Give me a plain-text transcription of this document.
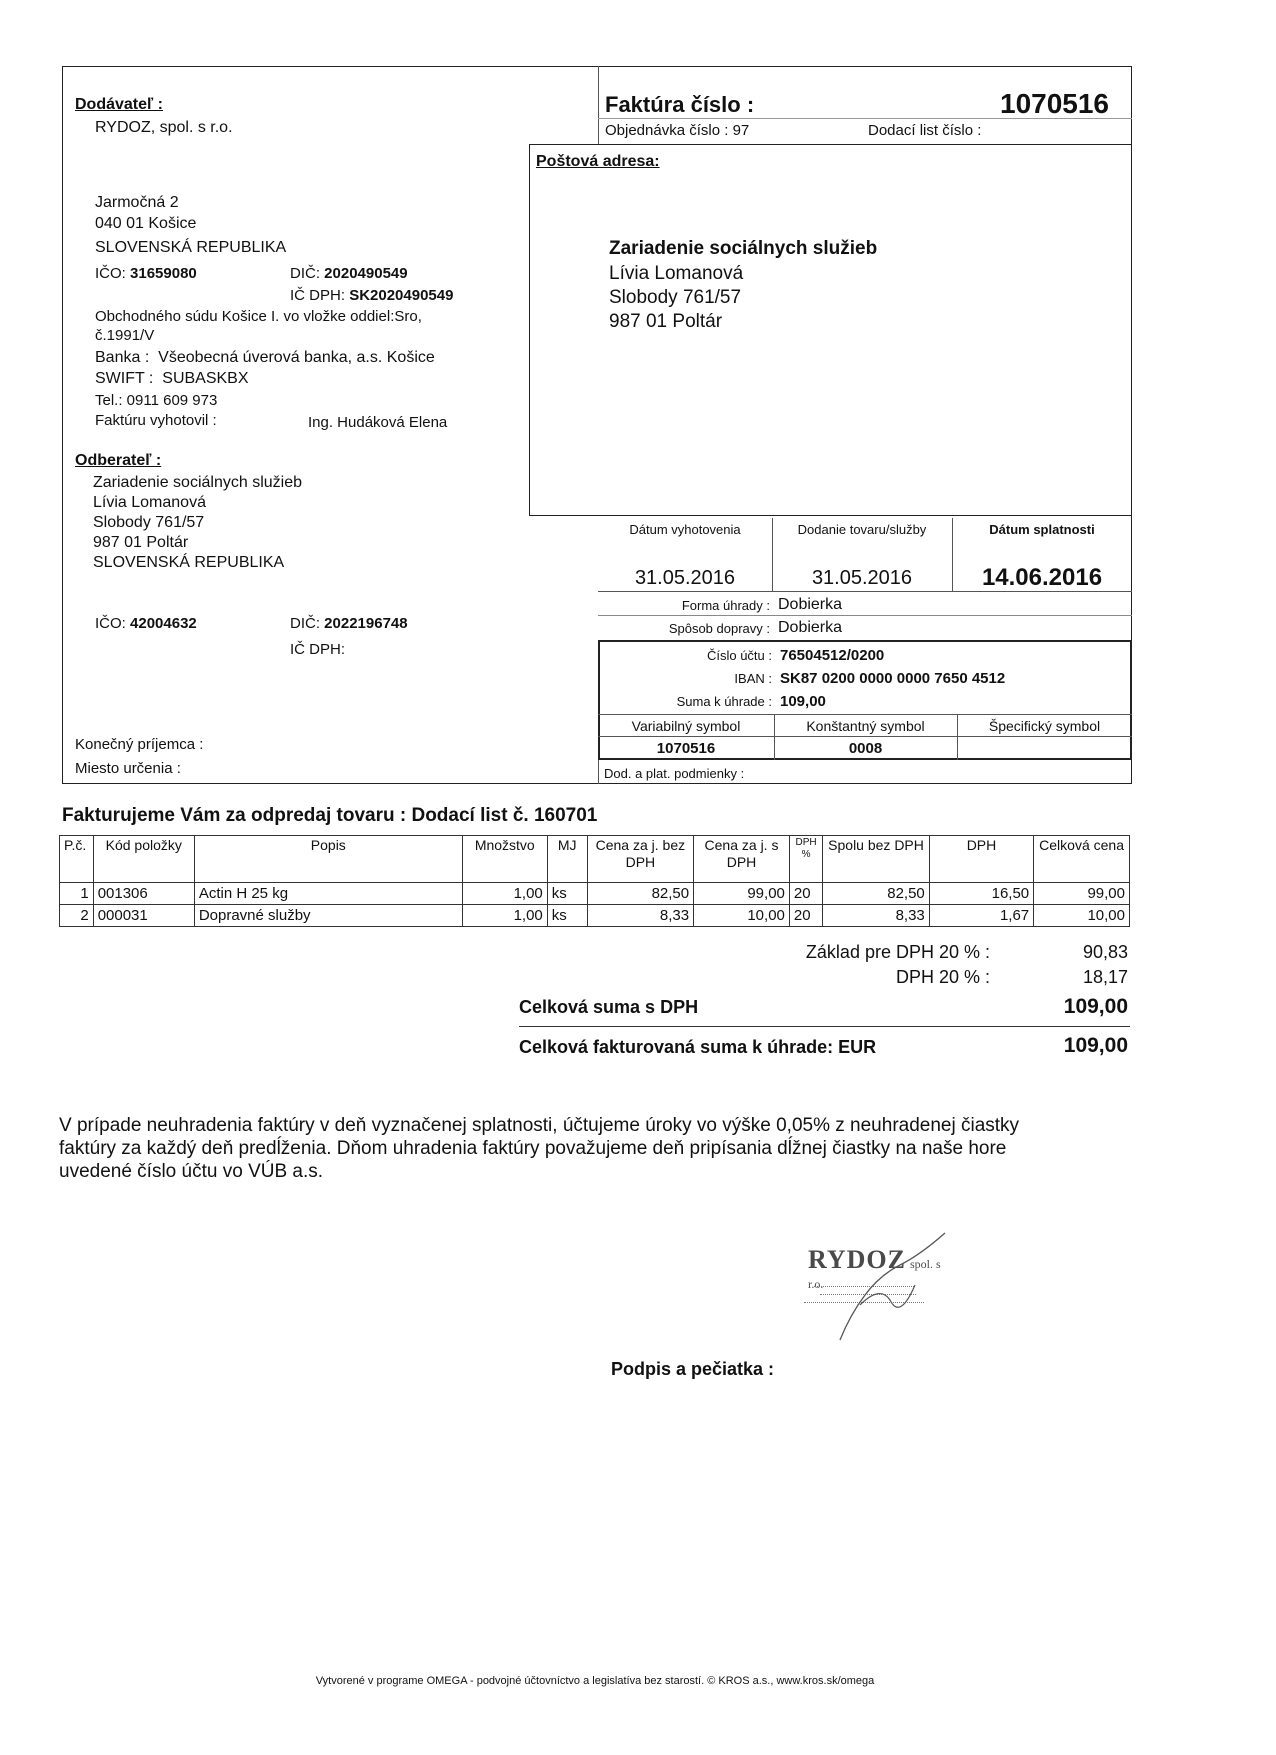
Dodávateľ :
RYDOZ, spol. s r.o.
Jarmočná 2
040 01 Košice
SLOVENSKÁ REPUBLIKA
IČO: 31659080	DIČ: 2020490549
IČ DPH: SK2020490549
Obchodného súdu Košice I. vo vložke oddiel:Sro,
č.1991/V
Banka : Všeobecná úverová banka, a.s. Košice
SWIFT : SUBASKBX
Tel.: 0911 609 973
Faktúru vyhotovil :	Ing. Hudáková Elena
Faktúra číslo :	1070516
Objednávka číslo : 97	Dodací list číslo :
Poštová adresa:
Zariadenie sociálnych služieb
Lívia Lomanová
Slobody 761/57
987 01 Poltár
Odberateľ :
Zariadenie sociálnych služieb
Lívia Lomanová
Slobody 761/57
987 01 Poltár
SLOVENSKÁ REPUBLIKA
IČO: 42004632	DIČ: 2022196748
IČ DPH:
Konečný príjemca :
Miesto určenia :
Dátum vyhotovenia	Dodanie tovaru/služby	Dátum splatnosti
31.05.2016	31.05.2016	14.06.2016
Forma úhrady : Dobierka
Spôsob dopravy : Dobierka
Číslo účtu : 76504512/0200
IBAN : SK87 0200 0000 0000 7650 4512
Suma k úhrade : 109,00
Variabilný symbol	Konštantný symbol	Špecifický symbol
1070516	0008
Dod. a plat. podmienky :
Fakturujeme Vám za odpredaj tovaru : Dodací list č. 160701
P.č.	Kód položky	Popis	Množstvo	MJ	Cena za j. bez DPH	Cena za j. s DPH	DPH %	Spolu bez DPH	DPH	Celková cena
1	001306	Actin H 25 kg	1,00	ks	82,50	99,00	20	82,50	16,50	99,00
2	000031	Dopravné služby	1,00	ks	8,33	10,00	20	8,33	1,67	10,00
Základ pre DPH 20 % :	90,83
DPH 20 % :	18,17
Celková suma s DPH	109,00
Celková fakturovaná suma k úhrade: EUR	109,00
V prípade neuhradenia faktúry v deň vyznačenej splatnosti, účtujeme úroky vo výške 0,05% z neuhradenej čiastky
faktúry za každý deň predĺženia. Dňom uhradenia faktúry považujeme deň pripísania dĺžnej čiastky na naše hore
uvedené číslo účtu vo VÚB a.s.
RYDOZ spol. s r.o.
Podpis a pečiatka :
Vytvorené v programe OMEGA - podvojné účtovníctvo a legislatíva bez starostí. © KROS a.s., www.kros.sk/omega
